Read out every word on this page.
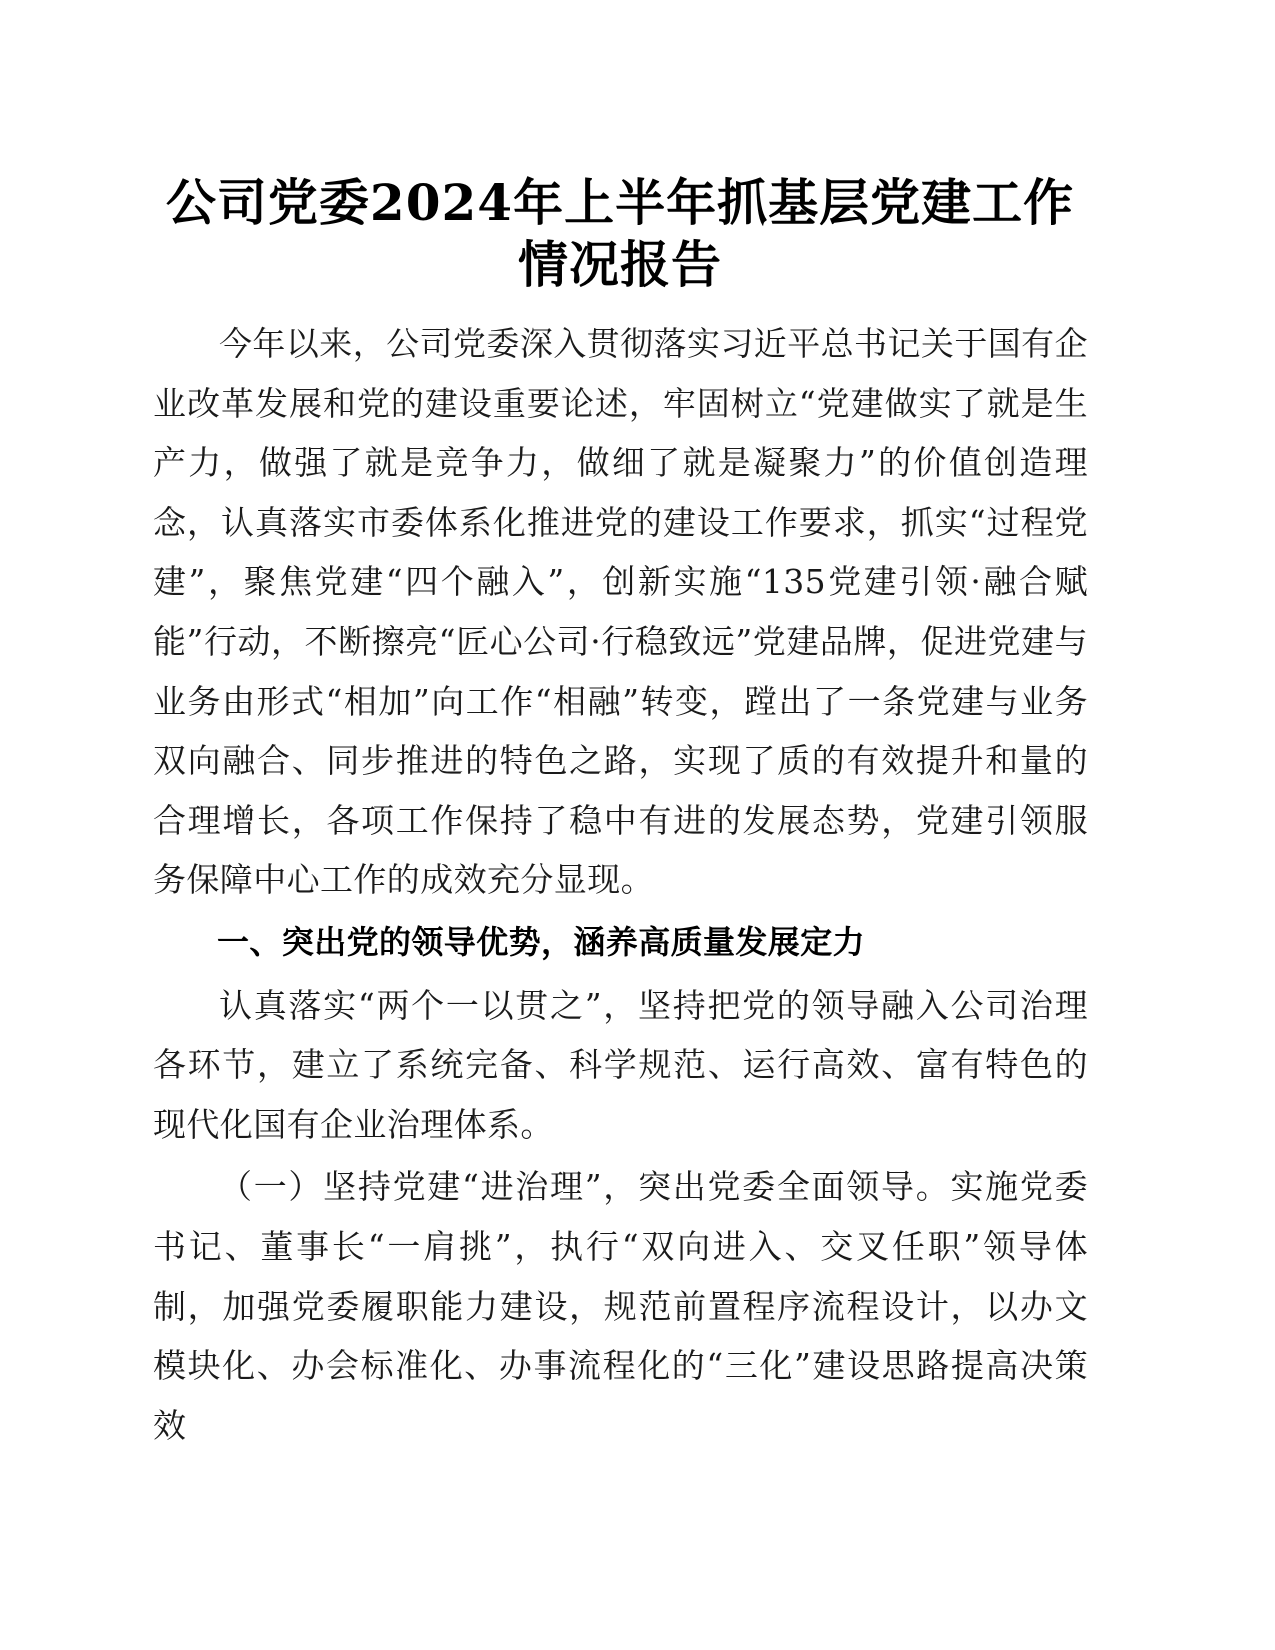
公司党委2024年上半年抓基层党建工作情况报告

今年以来，公司党委深入贯彻落实习近平总书记关于国有企业改革发展和党的建设重要论述，牢固树立“党建做实了就是生产力，做强了就是竞争力，做细了就是凝聚力”的价值创造理念，认真落实市委体系化推进党的建设工作要求，抓实“过程党建”，聚焦党建“四个融入”，创新实施“135党建引领·融合赋能”行动，不断擦亮“匠心公司·行稳致远”党建品牌，促进党建与业务由形式“相加”向工作“相融”转变，蹚出了一条党建与业务双向融合、同步推进的特色之路，实现了质的有效提升和量的合理增长，各项工作保持了稳中有进的发展态势，党建引领服务保障中心工作的成效充分显现。

一、突出党的领导优势，涵养高质量发展定力

认真落实“两个一以贯之”，坚持把党的领导融入公司治理各环节，建立了系统完备、科学规范、运行高效、富有特色的现代化国有企业治理体系。

（一）坚持党建“进治理”，突出党委全面领导。实施党委书记、董事长“一肩挑”，执行“双向进入、交叉任职”领导体制，加强党委履职能力建设，规范前置程序流程设计，以办文模块化、办会标准化、办事流程化的“三化”建设思路提高决策效
